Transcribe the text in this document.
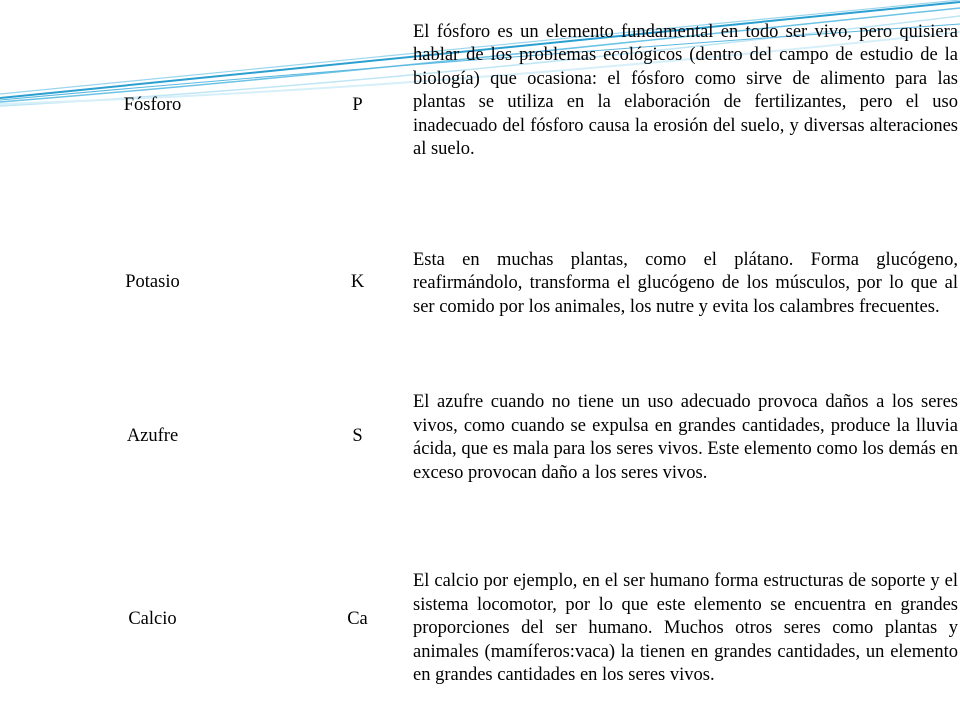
Fósforo	P	El fósforo es un elemento fundamental en todo ser vivo, pero quisiera hablar de los problemas ecológicos (dentro del campo de estudio de la biología) que ocasiona: el fósforo como sirve de alimento para las plantas se utiliza en la elaboración de fertilizantes, pero el uso inadecuado del fósforo causa la erosión del suelo, y diversas alteraciones al suelo.

Potasio	K	Esta en muchas plantas, como el plátano. Forma glucógeno, reafirmándolo, transforma el glucógeno de los músculos, por lo que al ser comido por los animales, los nutre y evita los calambres frecuentes.

Azufre	S	El azufre cuando no tiene un uso adecuado provoca daños a los seres vivos, como cuando se expulsa en grandes cantidades, produce la lluvia ácida, que es mala para los seres vivos. Este elemento como los demás en exceso provocan daño a los seres vivos.

Calcio	Ca	El calcio por ejemplo, en el ser humano forma estructuras de soporte y el sistema locomotor, por lo que este elemento se encuentra en grandes proporciones del ser humano. Muchos otros seres como plantas y animales (mamíferos:vaca) la tienen en grandes cantidades, un elemento en grandes cantidades en los seres vivos.
